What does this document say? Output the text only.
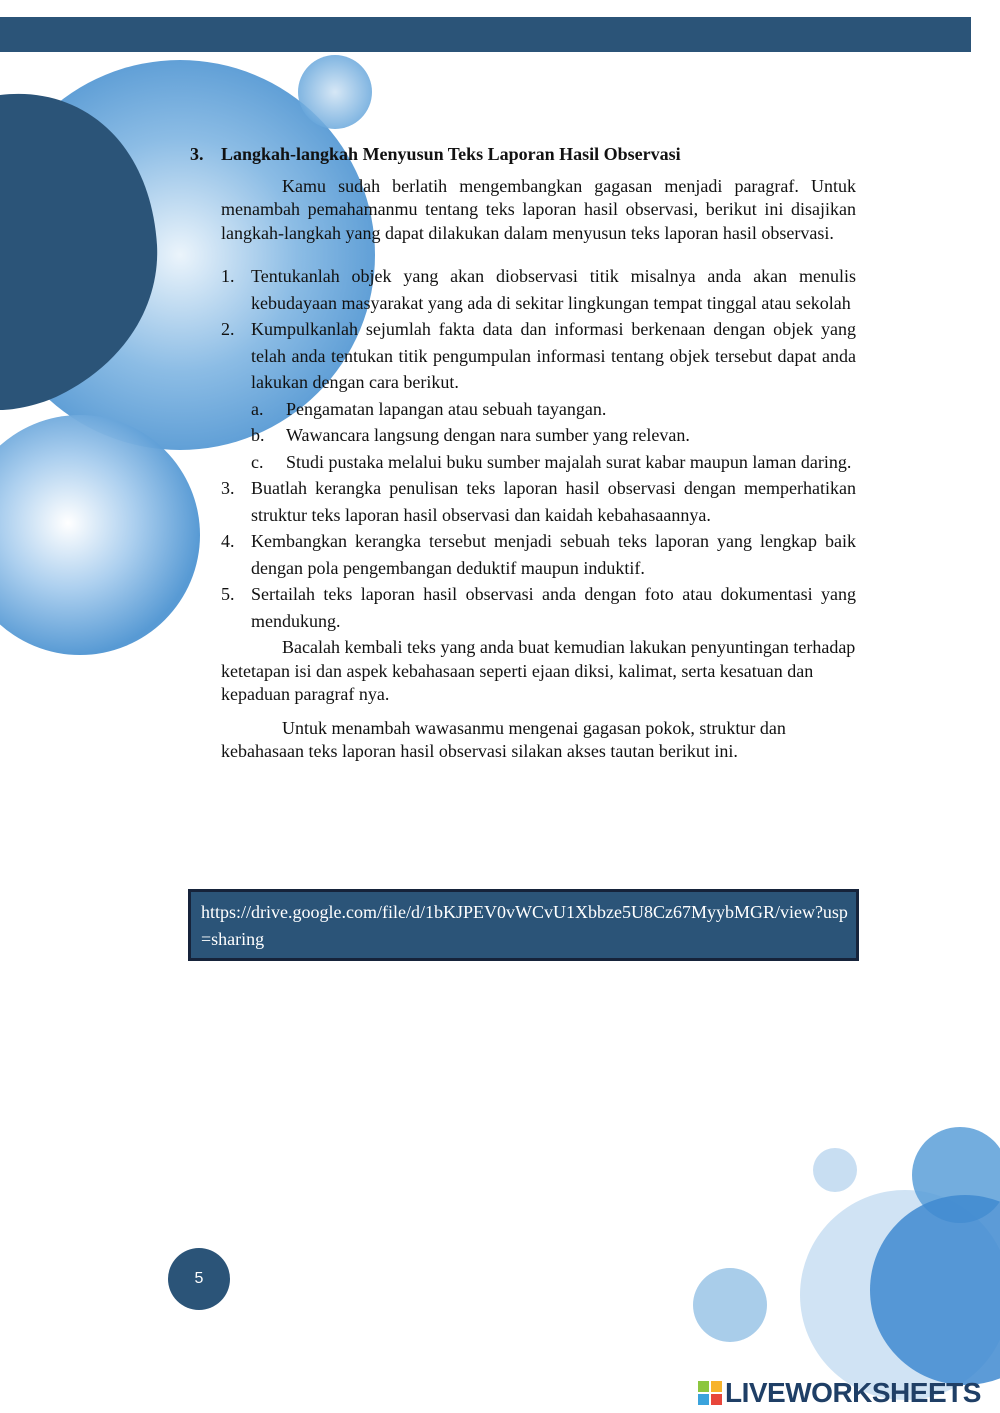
3. Langkah-langkah Menyusun Teks Laporan Hasil Observasi

Kamu sudah berlatih mengembangkan gagasan menjadi paragraf. Untuk menambah pemahamanmu tentang teks laporan hasil observasi, berikut ini disajikan langkah-langkah yang dapat dilakukan dalam menyusun teks laporan hasil observasi.

1. Tentukanlah objek yang akan diobservasi titik misalnya anda akan menulis kebudayaan masyarakat yang ada di sekitar lingkungan tempat tinggal atau sekolah
2. Kumpulkanlah sejumlah fakta data dan informasi berkenaan dengan objek yang telah anda tentukan titik pengumpulan informasi tentang objek tersebut dapat anda lakukan dengan cara berikut.
a.	Pengamatan lapangan atau sebuah tayangan.
b.	Wawancara langsung dengan nara sumber yang relevan.
c.	Studi pustaka melalui buku sumber majalah surat kabar maupun laman daring.
3. Buatlah kerangka penulisan teks laporan hasil observasi dengan memperhatikan struktur teks laporan hasil observasi dan kaidah kebahasaannya.
4. Kembangkan kerangka tersebut menjadi sebuah teks laporan yang lengkap baik dengan pola pengembangan deduktif maupun induktif.
5. Sertailah teks laporan hasil observasi anda dengan foto atau dokumentasi yang mendukung.

Bacalah kembali teks yang anda buat kemudian lakukan penyuntingan terhadap ketetapan isi dan aspek kebahasaan seperti ejaan diksi, kalimat, serta kesatuan dan kepaduan paragraf nya.

Untuk menambah wawasanmu mengenai gagasan pokok, struktur dan kebahasaan teks laporan hasil observasi silakan akses tautan berikut ini.

https://drive.google.com/file/d/1bKJPEV0vWCvU1Xbbze5U8Cz67MyybMGR/view?usp=sharing
5
LIVEWORKSHEETS
